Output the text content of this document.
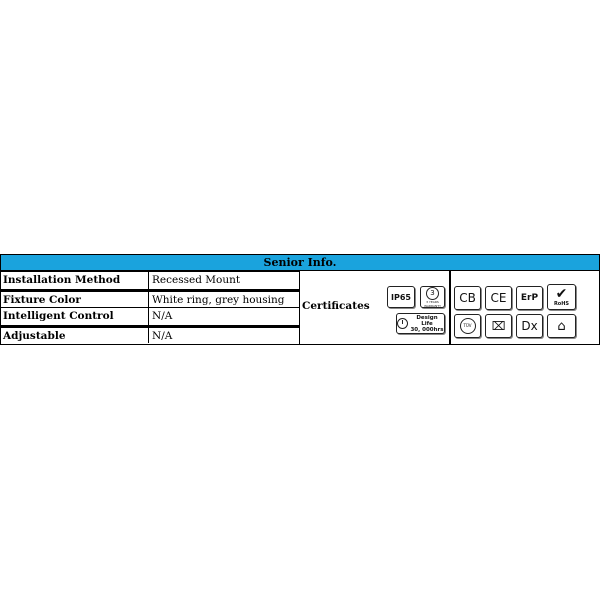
Senior Info.
Installation Method	Recessed Mount
Fixture Color	White ring, grey housing
Intelligent Control	N/A
Adjustable	N/A
Certificates
IP65	3
3 YEARS WARRANTY
Design Life
30, 000hrs
CB	CE	ErP	✔
RoHS
TÜV	⌧	Dx	⌂
